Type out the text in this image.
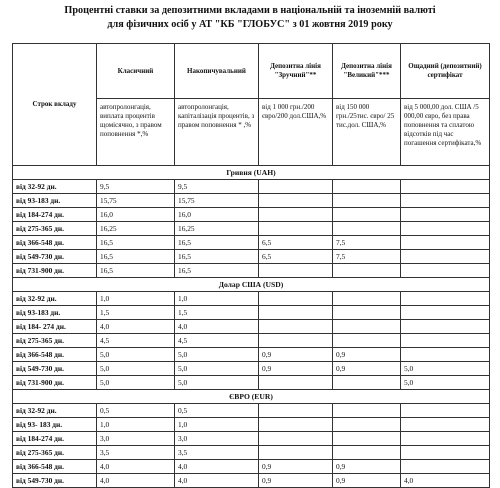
Процентні ставки за депозитними вкладами в національній та іноземній валюті
для фізичних осіб у АТ "КБ "ГЛОБУС" з 01 жовтня 2019 року
Строк вкладу	Класичний	Накопичувальний	Депозитна лінія "Зручний"**	Депозитна лінія "Великий"***	Ощадний (депозитний) сертифікат
	автопролонгація, виплата процентів щомісячно, з правом поповнення *,%	автопролонгація, капіталізація процентів, з правом поповнення * ,%	від 1 000 грн./200 євро/200 дол.США,%	від 150 000 грн./25тис. євро/ 25 тис.дол. США,%	від 5 000,00 дол. США /5 000,00 євро, без права поповнення та сплатою відсотків під час погашення сертифіката,%
Гривня (UAH)					
від 32-92 дн.	9,5	9,5			
від 93-183 дн.	15,75	15,75			
від 184-274 дн.	16,0	16,0			
від 275-365 дн.	16,25	16,25			
від 366-548 дн.	16,5	16,5	6,5	7,5	
від 549-730 дн.	16,5	16,5	6,5	7,5	
від 731-900 дн.	16,5	16,5			
Долар США (USD)					
від 32-92 дн.	1,0	1,0			
від 93-183 дн.	1,5	1,5			
від 184- 274 дн.	4,0	4,0			
від 275-365 дн.	4,5	4,5			
від 366-548 дн.	5,0	5,0	0,9	0,9	
від 549-730 дн.	5,0	5,0	0,9	0,9	5,0
від 731-900 дн.	5,0	5,0			5,0
ЄВРО (EUR)					
від 32-92 дн.	0,5	0,5			
від 93- 183 дн.	1,0	1,0			
від 184-274 дн.	3,0	3,0			
від 275-365 дн.	3,5	3,5			
від 366-548 дн.	4,0	4,0	0,9	0,9	
від 549-730 дн.	4,0	4,0	0,9	0,9	4,0
